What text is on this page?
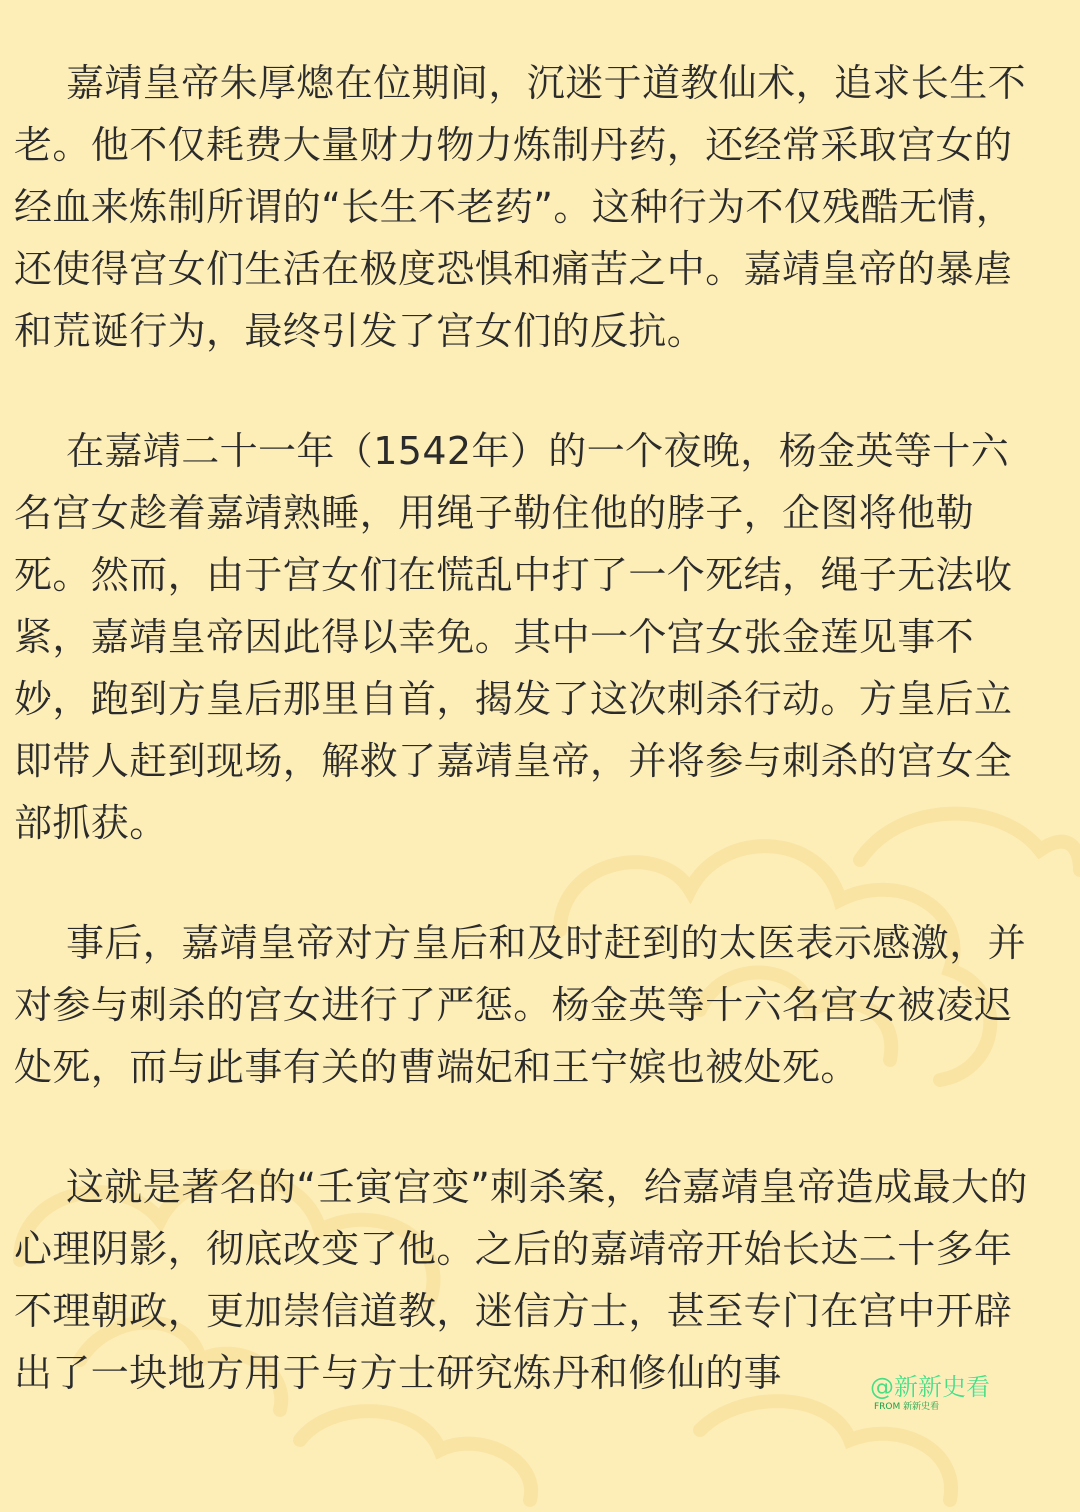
嘉靖皇帝朱厚熜在位期间，沉迷于道教仙术，追求长生不老。他不仅耗费大量财力物力炼制丹药，还经常采取宫女的经血来炼制所谓的“长生不老药”。这种行为不仅残酷无情，还使得宫女们生活在极度恐惧和痛苦之中。嘉靖皇帝的暴虐和荒诞行为，最终引发了宫女们的反抗。

在嘉靖二十一年（1542年）的一个夜晚，杨金英等十六名宫女趁着嘉靖熟睡，用绳子勒住他的脖子，企图将他勒死。然而，由于宫女们在慌乱中打了一个死结，绳子无法收紧，嘉靖皇帝因此得以幸免。其中一个宫女张金莲见事不妙，跑到方皇后那里自首，揭发了这次刺杀行动。方皇后立即带人赶到现场，解救了嘉靖皇帝，并将参与刺杀的宫女全部抓获。

事后，嘉靖皇帝对方皇后和及时赶到的太医表示感激，并对参与刺杀的宫女进行了严惩。杨金英等十六名宫女被凌迟处死，而与此事有关的曹端妃和王宁嫔也被处死。

这就是著名的“壬寅宫变”刺杀案，给嘉靖皇帝造成最大的心理阴影，彻底改变了他。之后的嘉靖帝开始长达二十多年不理朝政，更加崇信道教，迷信方士，甚至专门在宫中开辟出了一块地方用于与方士研究炼丹和修仙的事	@新新史看
FROM 新新史看
